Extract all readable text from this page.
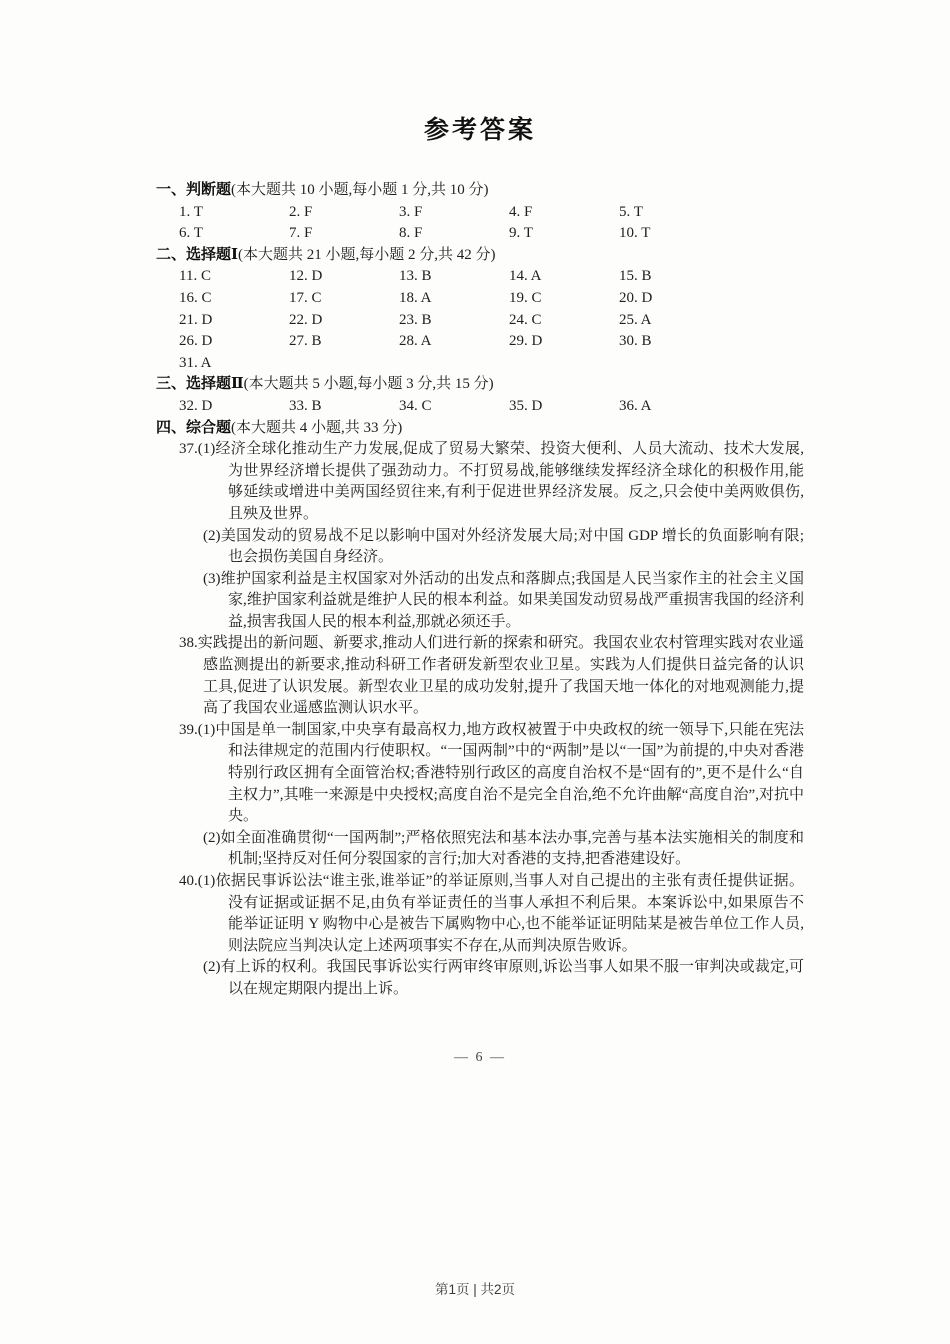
参考答案

一、判断题(本大题共 10 小题,每小题 1 分,共 10 分)

1. T	2. F	3. F	4. F	5. T
6. T	7. F	8. F	9. T	10. T

二、选择题Ⅰ(本大题共 21 小题,每小题 2 分,共 42 分)

11. C	12. D	13. B	14. A	15. B
16. C	17. C	18. A	19. C	20. D
21. D	22. D	23. B	24. C	25. A
26. D	27. B	28. A	29. D	30. B
31. A

三、选择题Ⅱ(本大题共 5 小题,每小题 3 分,共 15 分)

32. D	33. B	34. C	35. D	36. A

四、综合题(本大题共 4 小题,共 33 分)

37.(1)经济全球化推动生产力发展,促成了贸易大繁荣、投资大便利、人员大流动、技术大发展,为世界经济增长提供了强劲动力。不打贸易战,能够继续发挥经济全球化的积极作用,能够延续或增进中美两国经贸往来,有利于促进世界经济发展。反之,只会使中美两败俱伤,且殃及世界。

(2)美国发动的贸易战不足以影响中国对外经济发展大局;对中国 GDP 增长的负面影响有限;也会损伤美国自身经济。

(3)维护国家利益是主权国家对外活动的出发点和落脚点;我国是人民当家作主的社会主义国家,维护国家利益就是维护人民的根本利益。如果美国发动贸易战严重损害我国的经济利益,损害我国人民的根本利益,那就必须还手。

38.实践提出的新问题、新要求,推动人们进行新的探索和研究。我国农业农村管理实践对农业遥感监测提出的新要求,推动科研工作者研发新型农业卫星。实践为人们提供日益完备的认识工具,促进了认识发展。新型农业卫星的成功发射,提升了我国天地一体化的对地观测能力,提高了我国农业遥感监测认识水平。

39.(1)中国是单一制国家,中央享有最高权力,地方政权被置于中央政权的统一领导下,只能在宪法和法律规定的范围内行使职权。“一国两制”中的“两制”是以“一国”为前提的,中央对香港特别行政区拥有全面管治权;香港特别行政区的高度自治权不是“固有的”,更不是什么“自主权力”,其唯一来源是中央授权;高度自治不是完全自治,绝不允许曲解“高度自治”,对抗中央。

(2)如全面准确贯彻“一国两制”;严格依照宪法和基本法办事,完善与基本法实施相关的制度和机制;坚持反对任何分裂国家的言行;加大对香港的支持,把香港建设好。

40.(1)依据民事诉讼法“谁主张,谁举证”的举证原则,当事人对自己提出的主张有责任提供证据。没有证据或证据不足,由负有举证责任的当事人承担不利后果。本案诉讼中,如果原告不能举证证明 Y 购物中心是被告下属购物中心,也不能举证证明陆某是被告单位工作人员,则法院应当判决认定上述两项事实不存在,从而判决原告败诉。

(2)有上诉的权利。我国民事诉讼实行两审终审原则,诉讼当事人如果不服一审判决或裁定,可以在规定期限内提出上诉。

— 6 —

第1页 | 共2页
